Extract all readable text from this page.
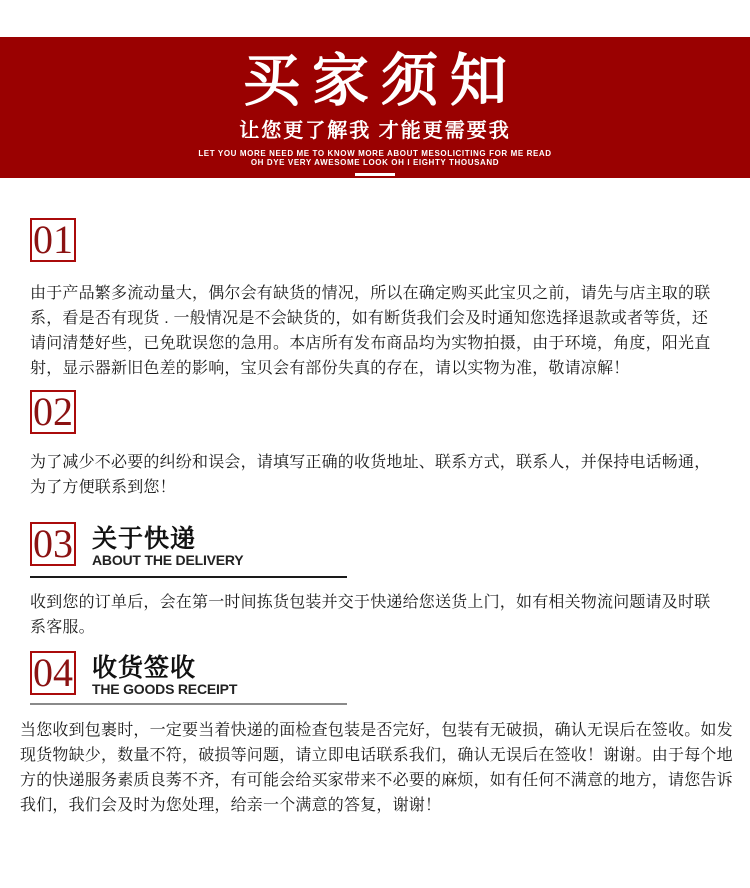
买家须知
让您更了解我 才能更需要我
LET YOU MORE NEED ME TO KNOW MORE ABOUT MESOLICITING FOR ME READ
OH DYE VERY AWESOME LOOK OH I EIGHTY THOUSAND
01

由于产品繁多流动量大，偶尔会有缺货的情况，所以在确定购买此宝贝之前，请先与店主取的联系，看是否有现货 . 一般情况是不会缺货的，如有断货我们会及时通知您选择退款或者等货，还请问清楚好些，已免耽误您的急用。本店所有发布商品均为实物拍摄，由于环境，角度，阳光直射，显示器新旧色差的影响，宝贝会有部份失真的存在，请以实物为准，敬请凉解！

02

为了减少不必要的纠纷和误会，请填写正确的收货地址、联系方式，联系人，并保持电话畅通，为了方便联系到您！

03 关于快递
ABOUT THE DELIVERY

收到您的订单后，会在第一时间拣货包装并交于快递给您送货上门，如有相关物流问题请及时联系客服。

04 收货签收
THE GOODS RECEIPT

当您收到包裹时，一定要当着快递的面检查包装是否完好，包装有无破损，确认无误后在签收。如发现货物缺少，数量不符，破损等问题，请立即电话联系我们，确认无误后在签收！谢谢。由于每个地方的快递服务素质良莠不齐，有可能会给买家带来不必要的麻烦，如有任何不满意的地方，请您告诉我们，我们会及时为您处理，给亲一个满意的答复，谢谢！
